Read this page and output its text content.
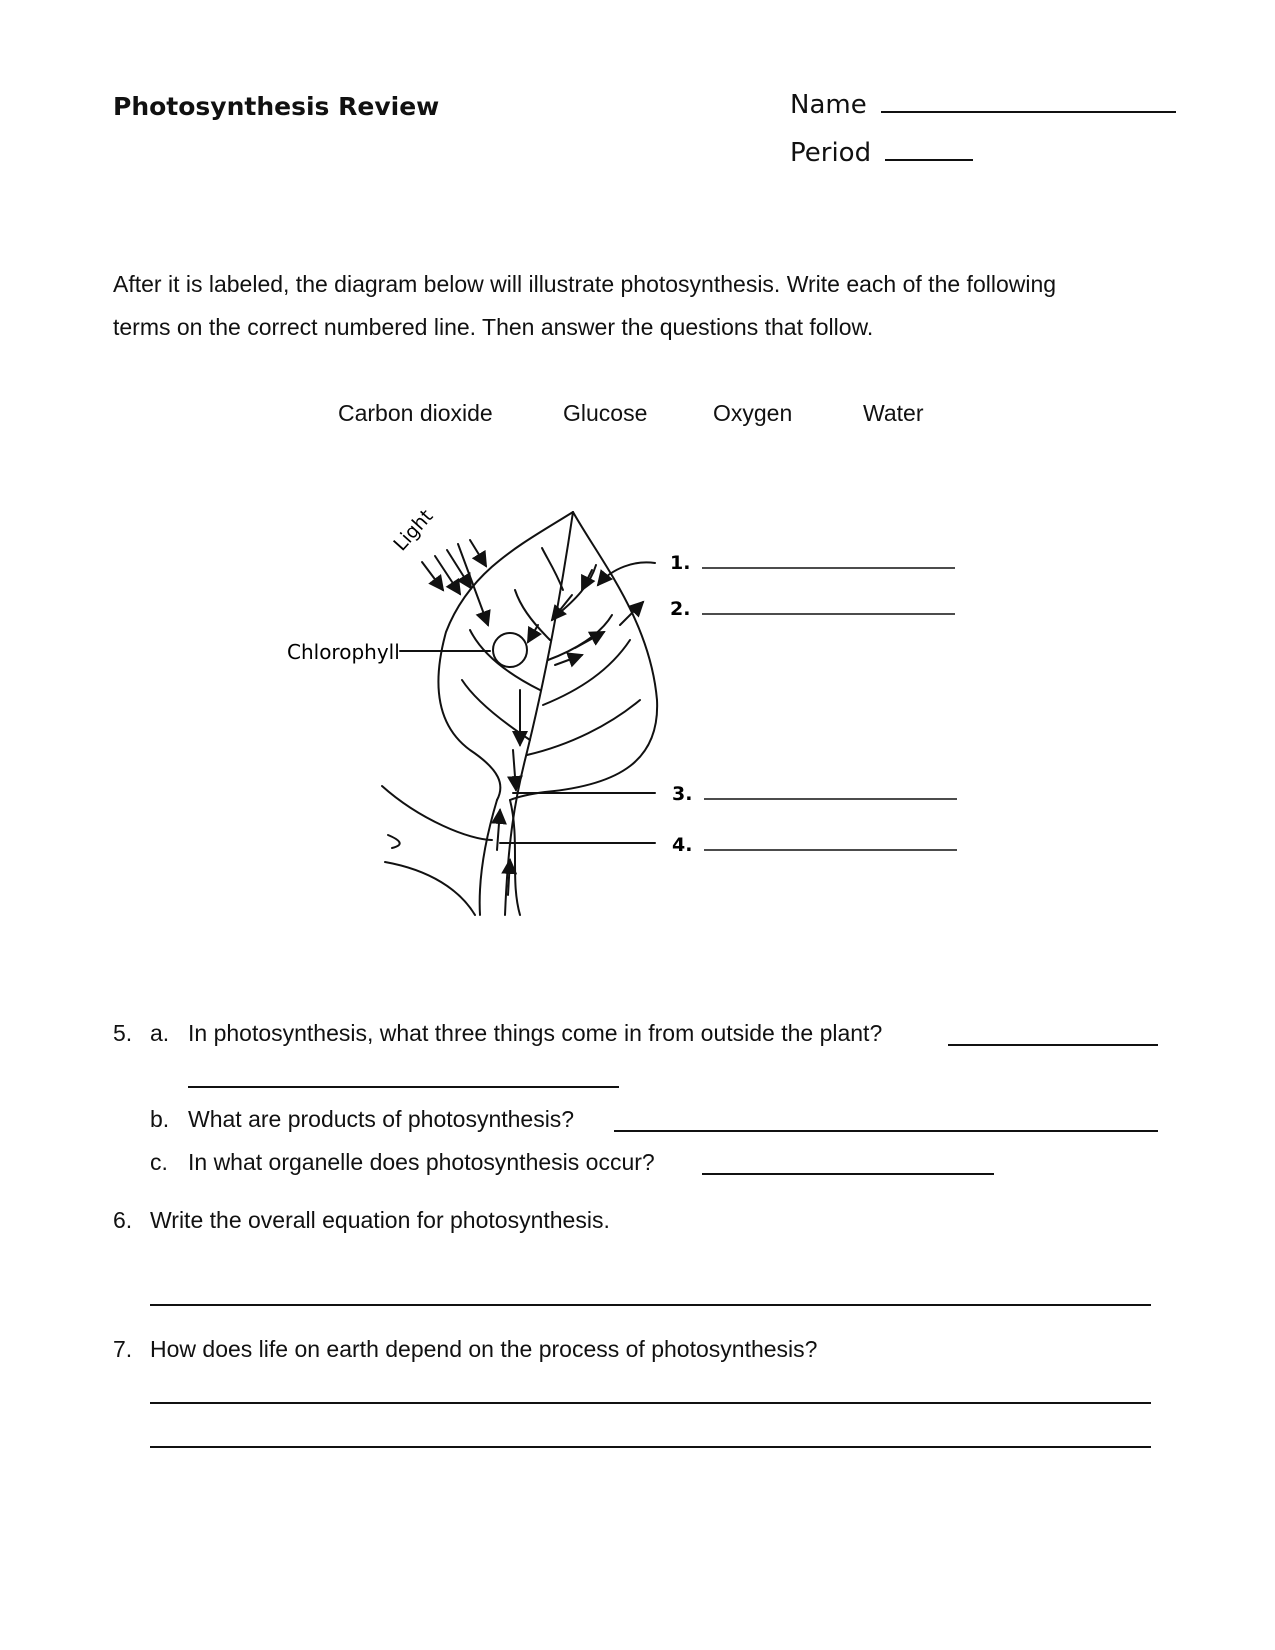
Photosynthesis Review	Name
Period
After it is labeled, the diagram below will illustrate photosynthesis. Write each of the following
terms on the correct numbered line. Then answer the questions that follow.
Carbon dioxide	Glucose	Oxygen	Water
Light
Chlorophyll
1.
2.
3.
4.
5. a. In photosynthesis, what three things come in from outside the plant?
b. What are products of photosynthesis?
c. In what organelle does photosynthesis occur?
6. Write the overall equation for photosynthesis.
7. How does life on earth depend on the process of photosynthesis?
